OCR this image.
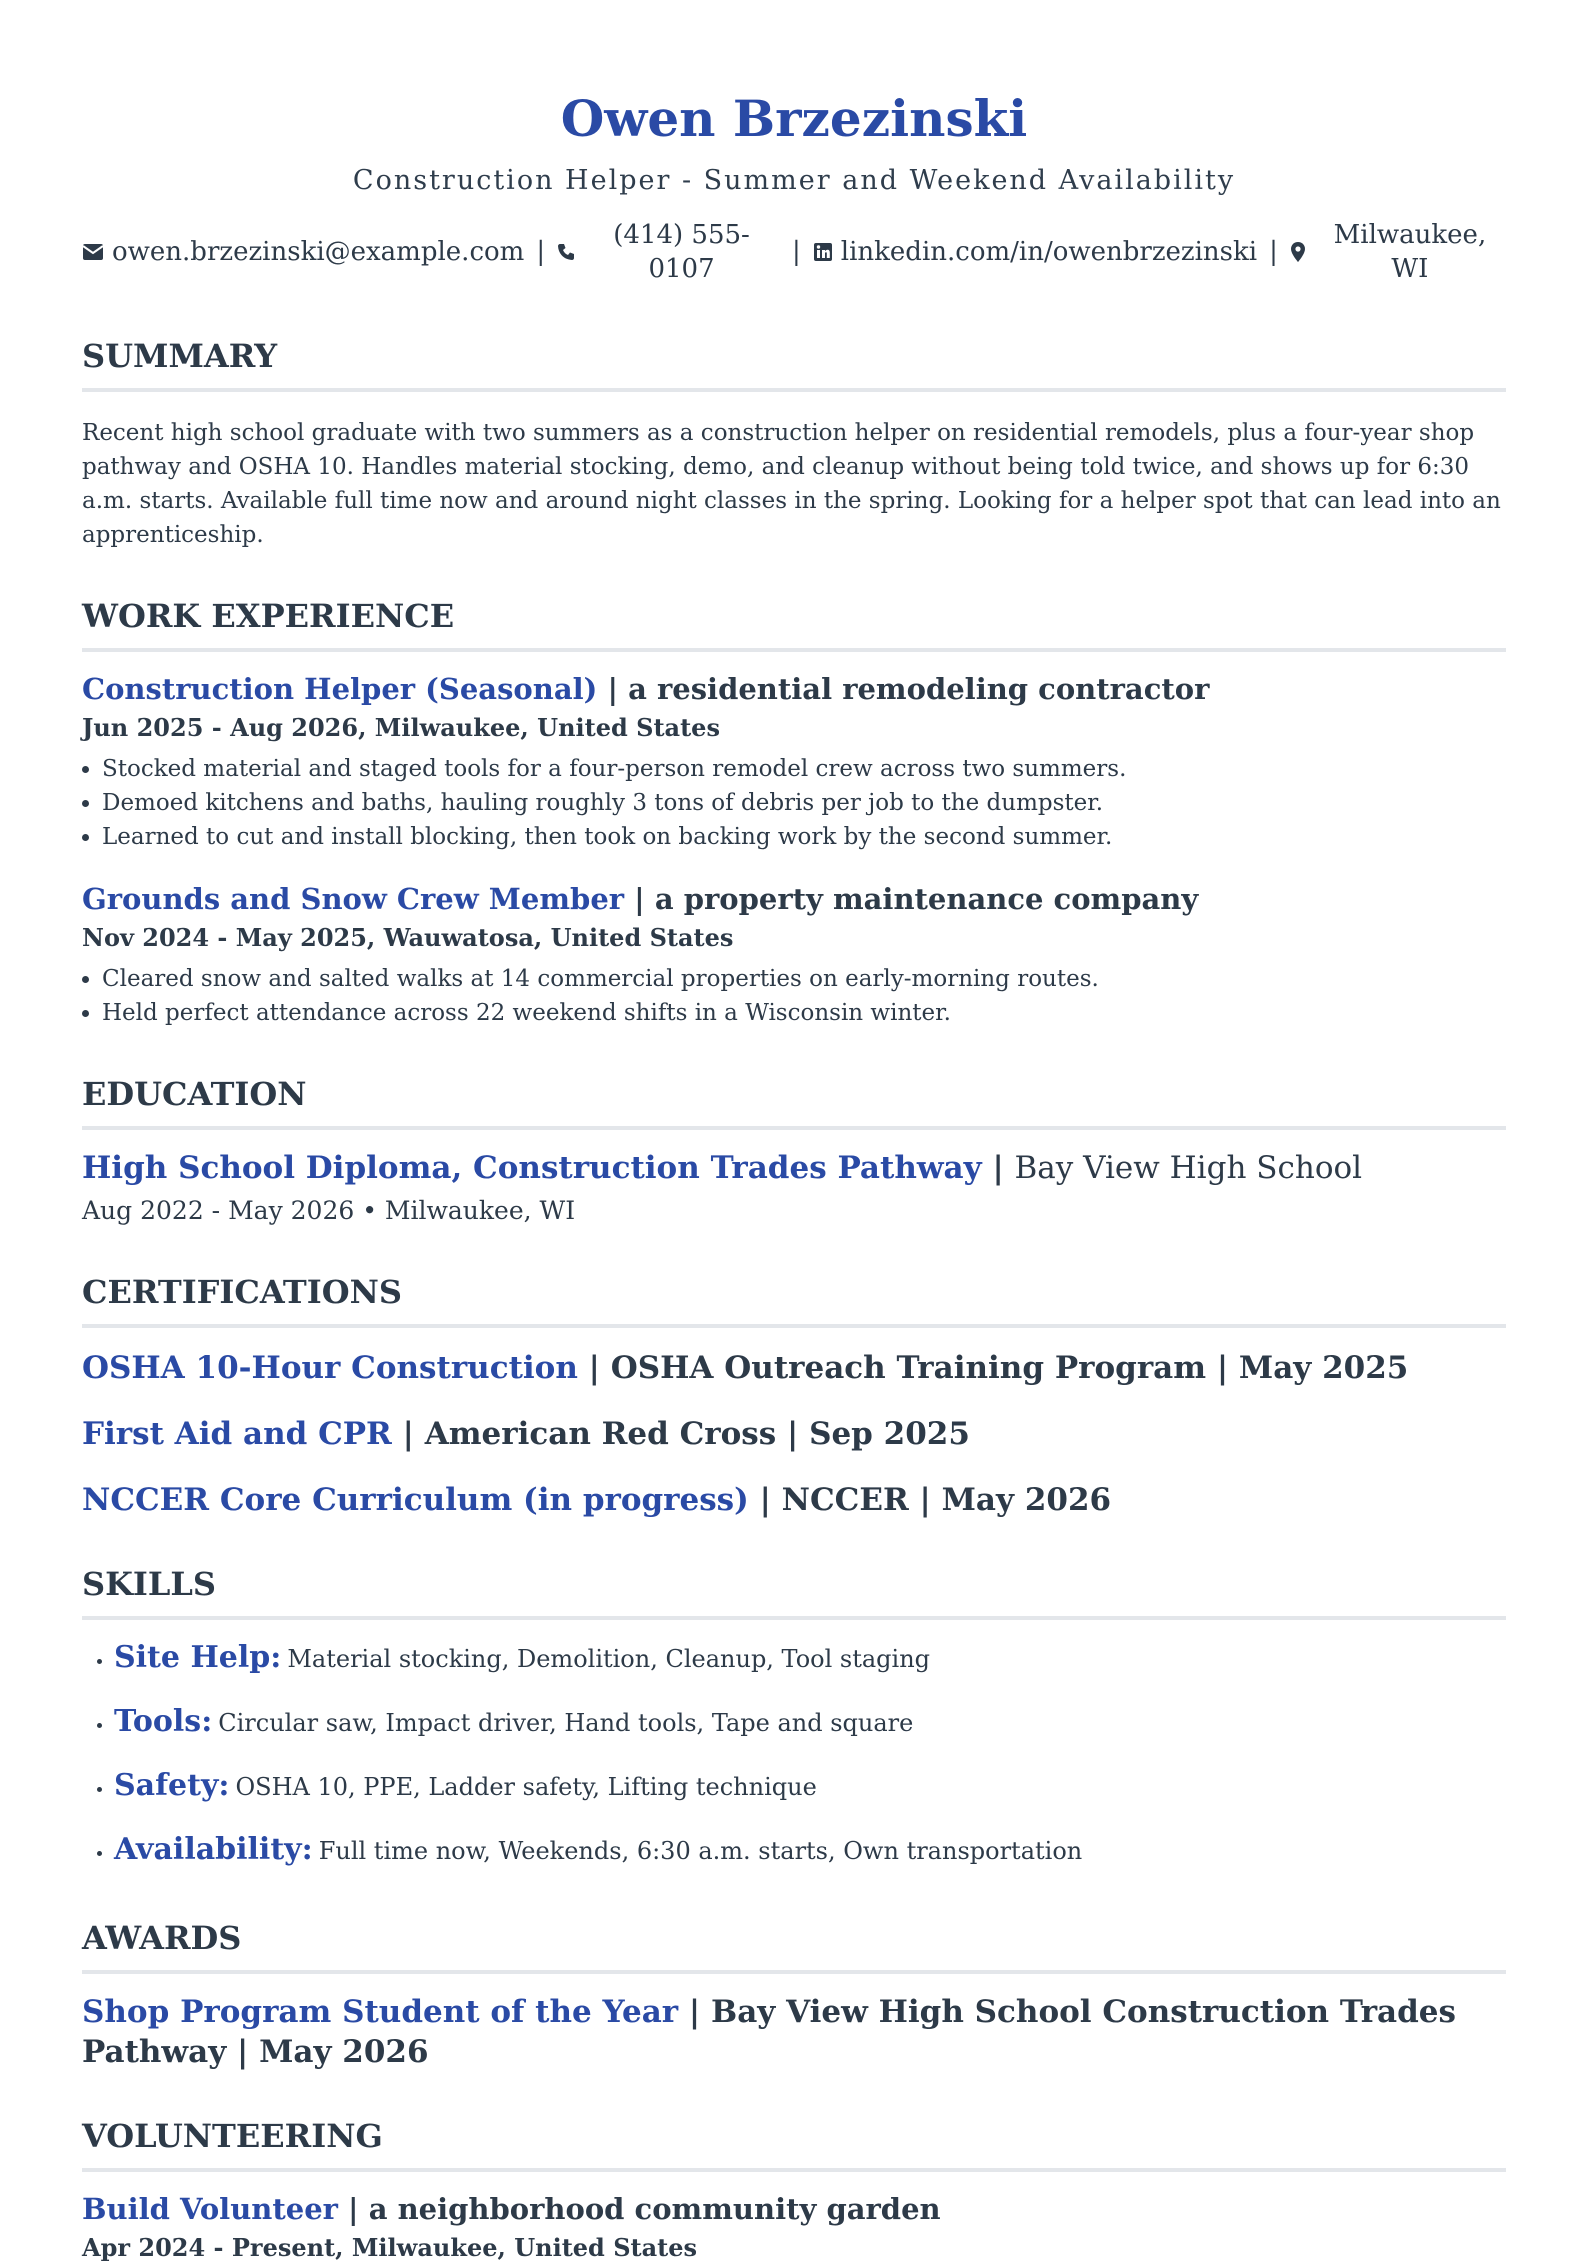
Owen Brzezinski
Construction Helper - Summer and Weekend Availability
owen.brzezinski@example.com |
(414) 555-0107
| linkedin.com/in/owenbrzezinski |
Milwaukee, WI
SUMMARY

Recent high school graduate with two summers as a construction helper on residential remodels, plus a four-year shop pathway and OSHA 10. Handles material stocking, demo, and cleanup without being told twice, and shows up for 6:30 a.m. starts. Available full time now and around night classes in the spring. Looking for a helper spot that can lead into an apprenticeship.

WORK EXPERIENCE
Construction Helper (Seasonal) | a residential remodeling contractor
Jun 2025 - Aug 2026, Milwaukee, United States
• Stocked material and staged tools for a four-person remodel crew across two summers.
• Demoed kitchens and baths, hauling roughly 3 tons of debris per job to the dumpster.
• Learned to cut and install blocking, then took on backing work by the second summer.
Grounds and Snow Crew Member | a property maintenance company
Nov 2024 - May 2025, Wauwatosa, United States
• Cleared snow and salted walks at 14 commercial properties on early-morning routes.
• Held perfect attendance across 22 weekend shifts in a Wisconsin winter.
EDUCATION
High School Diploma, Construction Trades Pathway | Bay View High School
Aug 2022 - May 2026 • Milwaukee, WI
CERTIFICATIONS
OSHA 10-Hour Construction | OSHA Outreach Training Program | May 2025
First Aid and CPR | American Red Cross | Sep 2025
NCCER Core Curriculum (in progress) | NCCER | May 2026
SKILLS
• Site Help: Material stocking, Demolition, Cleanup, Tool staging
• Tools: Circular saw, Impact driver, Hand tools, Tape and square
• Safety: OSHA 10, PPE, Ladder safety, Lifting technique
• Availability: Full time now, Weekends, 6:30 a.m. starts, Own transportation
AWARDS
Shop Program Student of the Year | Bay View High School Construction Trades Pathway | May 2026
VOLUNTEERING
Build Volunteer | a neighborhood community garden
Apr 2024 - Present, Milwaukee, United States
